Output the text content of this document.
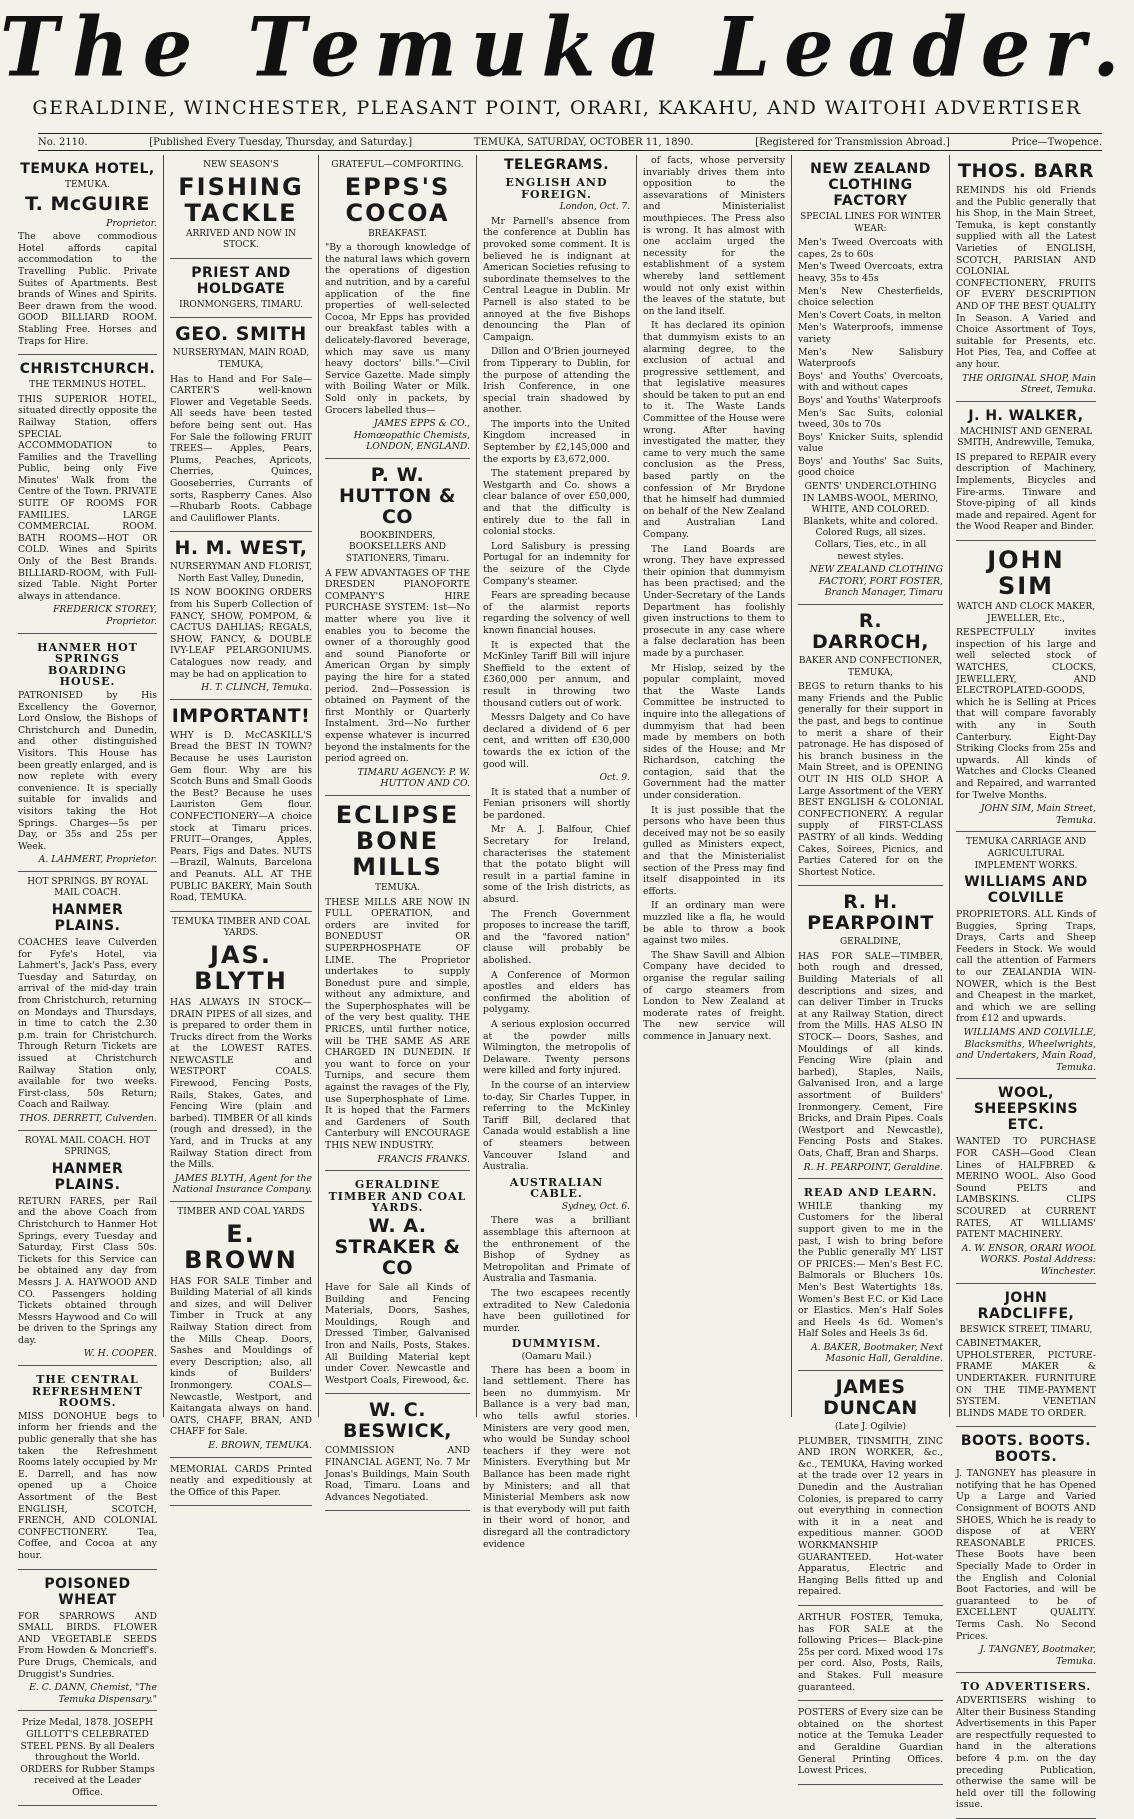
The Temuka Leader.
GERALDINE, WINCHESTER, PLEASANT POINT, ORARI, KAKAHU, AND WAITOHI ADVERTISER
No. 2110.	[Published Every Tuesday, Thursday, and Saturday.]	TEMUKA, SATURDAY, OCTOBER 11, 1890.	[Registered for Transmission Abroad.]	Price—Twopence.
TEMUKA HOTEL,
TEMUKA.
T. McGUIRE
Proprietor.
The above commodious Hotel affords capital accommodation to the Travelling Public. Private Suites of Apartments. Best brands of Wines and Spirits. Beer drawn from the wood. GOOD BILLIARD ROOM. Stabling Free. Horses and Traps for Hire.
CHRISTCHURCH.
THE TERMINUS HOTEL.
THIS SUPERIOR HOTEL, situated directly opposite the Railway Station, offers SPECIAL ACCOMMODATION to Families and the Travelling Public, being only Five Minutes' Walk from the Centre of the Town. PRIVATE SUITE OF ROOMS FOR FAMILIES. LARGE COMMERCIAL ROOM. BATH ROOMS—HOT OR COLD. Wines and Spirits Only of the Best Brands. BILLIARD-ROOM, with Full-sized Table. Night Porter always in attendance.
FREDERICK STOREY, Proprietor.
HANMER HOT SPRINGS BOARDING HOUSE.
PATRONISED by His Excellency the Governor, Lord Onslow, the Bishops of Christchurch and Dunedin, and other distinguished Visitors. This House has been greatly enlarged, and is now replete with every convenience. It is specially suitable for invalids and visitors taking the Hot Springs. Charges—5s per Day, or 35s and 25s per Week.
A. LAHMERT, Proprietor.
HOT SPRINGS. BY ROYAL MAIL COACH.
HANMER PLAINS.
COACHES leave Culverden for Fyfe's Hotel, via Lahmert's, Jack's Pass, every Tuesday and Saturday, on arrival of the mid-day train from Christchurch, returning on Mondays and Thursdays, in time to catch the 2.30 p.m. train for Christchurch. Through Return Tickets are issued at Christchurch Railway Station only, available for two weeks. First-class, 50s Return; Coach and Railway.
THOS. DERRETT, Culverden.
ROYAL MAIL COACH. HOT SPRINGS,
HANMER PLAINS.
RETURN FARES, per Rail and the above Coach from Christchurch to Hanmer Hot Springs, every Tuesday and Saturday, First Class 50s. Tickets for this Service can be obtained any day from Messrs J. A. HAYWOOD AND CO. Passengers holding Tickets obtained through Messrs Haywood and Co will be driven to the Springs any day.
W. H. COOPER.
THE CENTRAL REFRESHMENT ROOMS.
MISS DONOHUE begs to inform her friends and the public generally that she has taken the Refreshment Rooms lately occupied by Mr E. Darrell, and has now opened up a Choice Assortment of the Best ENGLISH, SCOTCH, FRENCH, AND COLONIAL CONFECTIONERY. Tea, Coffee, and Cocoa at any hour.
POISONED WHEAT
FOR SPARROWS AND SMALL BIRDS. FLOWER AND VEGETABLE SEEDS From Howden & Moncrieff's. Pure Drugs, Chemicals, and Druggist's Sundries.
E. C. DANN, Chemist, "The Temuka Dispensary."
Prize Medal, 1878. JOSEPH GILLOTT'S CELEBRATED STEEL PENS. By all Dealers throughout the World. ORDERS for Rubber Stamps received at the Leader Office.
NEW SEASON'S
FISHING TACKLE
ARRIVED AND NOW IN STOCK.
PRIEST AND HOLDGATE
IRONMONGERS, TIMARU.
GEO. SMITH
NURSERYMAN, MAIN ROAD, TEMUKA,
Has to Hand and For Sale—CARTER'S well-known Flower and Vegetable Seeds. All seeds have been tested before being sent out. Has For Sale the following FRUIT TREES— Apples, Pears, Plums, Peaches, Apricots, Cherries, Quinces, Gooseberries, Currants of sorts, Raspberry Canes. Also—Rhubarb Roots. Cabbage and Cauliflower Plants.
H. M. WEST,
NURSERYMAN AND FLORIST, North East Valley, Dunedin,
IS NOW BOOKING ORDERS from his Superb Collection of FANCY, SHOW, POMPOM, & CACTUS DAHLIAS; REGALS, SHOW, FANCY, & DOUBLE IVY-LEAF PELARGONIUMS. Catalogues now ready, and may be had on application to
H. T. CLINCH, Temuka.
IMPORTANT!
WHY is D. McCASKILL'S Bread the BEST IN TOWN? Because he uses Lauriston Gem flour. Why are his Scotch Buns and Small Goods the Best? Because he uses Lauriston Gem flour. CONFECTIONERY—A choice stock at Timaru prices. FRUIT—Oranges, Apples, Pears, Figs and Dates. NUTS—Brazil, Walnuts, Barcelona and Peanuts. ALL AT THE PUBLIC BAKERY, Main South Road, TEMUKA.
TEMUKA TIMBER AND COAL YARDS.
JAS. BLYTH
HAS ALWAYS IN STOCK— DRAIN PIPES of all sizes, and is prepared to order them in Trucks direct from the Works at the LOWEST RATES. NEWCASTLE and WESTPORT COALS. Firewood, Fencing Posts, Rails, Stakes, Gates, and Fencing Wire (plain and barbed). TIMBER Of all kinds (rough and dressed), in the Yard, and in Trucks at any Railway Station direct from the Mills.
JAMES BLYTH, Agent for the National Insurance Company.
TIMBER AND COAL YARDS
E. BROWN
HAS FOR SALE Timber and Building Material of all kinds and sizes, and will Deliver Timber in Truck at any Railway Station direct from the Mills Cheap. Doors, Sashes and Mouldings of every Description; also, all kinds of Builders' Ironmongery. COALS—Newcastle, Westport, and Kaitangata always on hand. OATS, CHAFF, BRAN, AND CHAFF for Sale.
E. BROWN, TEMUKA.
MEMORIAL CARDS Printed neatly and expeditiously at the Office of this Paper.
GRATEFUL—COMFORTING.
EPPS'S COCOA
BREAKFAST.
"By a thorough knowledge of the natural laws which govern the operations of digestion and nutrition, and by a careful application of the fine properties of well-selected Cocoa, Mr Epps has provided our breakfast tables with a delicately-flavored beverage, which may save us many heavy doctors' bills."—Civil Service Gazette. Made simply with Boiling Water or Milk. Sold only in packets, by Grocers labelled thus—
JAMES EPPS & CO., Homœopathic Chemists, LONDON, ENGLAND.
P. W. HUTTON & CO
BOOKBINDERS, BOOKSELLERS AND STATIONERS, Timaru.
A FEW ADVANTAGES OF THE DRESDEN PIANOFORTE COMPANY'S HIRE PURCHASE SYSTEM: 1st—No matter where you live it enables you to become the owner of a thoroughly good and sound Pianoforte or American Organ by simply paying the hire for a stated period. 2nd—Possession is obtained on Payment of the first Monthly or Quarterly Instalment. 3rd—No further expense whatever is incurred beyond the instalments for the period agreed on.
TIMARU AGENCY: P. W. HUTTON AND CO.
ECLIPSE BONE MILLS
TEMUKA.
THESE MILLS ARE NOW IN FULL OPERATION, and orders are invited for BONEDUST OR SUPERPHOSPHATE OF LIME. The Proprietor undertakes to supply Bonedust pure and simple, without any admixture, and the Superphosphates will be of the very best quality. THE PRICES, until further notice, will be THE SAME AS ARE CHARGED IN DUNEDIN. If you want to force on your Turnips, and secure them against the ravages of the Fly, use Superphosphate of Lime. It is hoped that the Farmers and Gardeners of South Canterbury will ENCOURAGE THIS NEW INDUSTRY.
FRANCIS FRANKS.
GERALDINE TIMBER AND COAL YARDS.
W. A. STRAKER & CO
Have for Sale all Kinds of Building and Fencing Materials, Doors, Sashes, Mouldings, Rough and Dressed Timber, Galvanised Iron and Nails, Posts, Stakes. All Building Material kept under Cover. Newcastle and Westport Coals, Firewood, &c.
W. C. BESWICK,
COMMISSION AND FINANCIAL AGENT, No. 7 Mr Jonas's Buildings, Main South Road, Timaru. Loans and Advances Negotiated.
TELEGRAMS.
ENGLISH AND FOREIGN.
London, Oct. 7.

Mr Parnell's absence from the conference at Dublin has provoked some comment. It is believed he is indignant at American Societies refusing to subordinate themselves to the Central League in Dublin. Mr Parnell is also stated to be annoyed at the five Bishops denouncing the Plan of Campaign.

Dillon and O'Brien journeyed from Tipperary to Dublin, for the purpose of attending the Irish Conference, in one special train shadowed by another.

The imports into the United Kingdom increased in September by £2,145,000 and the exports by £3,672,000.

The statement prepared by Westgarth and Co. shows a clear balance of over £50,000, and that the difficulty is entirely due to the fall in colonial stocks.

Lord Salisbury is pressing Portugal for an indemnity for the seizure of the Clyde Company's steamer.

Fears are spreading because of the alarmist reports regarding the solvency of well known financial houses.

It is expected that the McKinley Tariff Bill will injure Sheffield to the extent of £360,000 per annum, and result in throwing two thousand cutlers out of work.

Messrs Dalgety and Co have declared a dividend of 6 per cent, and written off £30,000 towards the ex iction of the good will.

Oct. 9.

It is stated that a number of Fenian prisoners will shortly be pardoned.

Mr A. J. Balfour, Chief Secretary for Ireland, characterises the statement that the potato blight will result in a partial famine in some of the Irish districts, as absurd.

The French Government proposes to increase the tariff, and the "favored nation" clause will probably be abolished.

A Conference of Mormon apostles and elders has confirmed the abolition of polygamy.

A serious explosion occurred at the powder mills Wilmington, the metropolis of Delaware. Twenty persons were killed and forty injured.

In the course of an interview to-day, Sir Charles Tupper, in referring to the McKinley Tariff Bill, declared that Canada would establish a line of steamers between Vancouver Island and Australia.

AUSTRALIAN CABLE.
Sydney, Oct. 6.

There was a brilliant assemblage this afternoon at the enthronement of the Bishop of Sydney as Metropolitan and Primate of Australia and Tasmania.

The two escapees recently extradited to New Caledonia have been guillotined for murder.

DUMMYISM.
(Oamaru Mail.)

There has been a boom in land settlement. There has been no dummyism. Mr Ballance is a very bad man, who tells awful stories. Ministers are very good men, who would be Sunday school teachers if they were not Ministers. Everything but Mr Ballance has been made right by Ministers; and all that Ministerial Members ask now is that everybody will put faith in their word of honor, and disregard all the contradictory evidence

of facts, whose perversity invariably drives them into opposition to the assevarations of Ministers and Ministerialist mouthpieces. The Press also is wrong. It has almost with one acclaim urged the necessity for the establishment of a system whereby land settlement would not only exist within the leaves of the statute, but on the land itself.

It has declared its opinion that dummyism exists to an alarming degree, to the exclusion of actual and progressive settlement, and that legislative measures should be taken to put an end to it. The Waste Lands Committee of the House were wrong. After having investigated the matter, they came to very much the same conclusion as the Press, based partly on the confession of Mr Brydone that he himself had dummied on behalf of the New Zealand and Australian Land Company.

The Land Boards are wrong. They have expressed their opinion that dummyism has been practised; and the Under-Secretary of the Lands Department has foolishly given instructions to them to prosecute in any case where a false declaration has been made by a purchaser.

Mr Hislop, seized by the popular complaint, moved that the Waste Lands Committee be instructed to inquire into the allegations of dummyism that had been made by members on both sides of the House; and Mr Richardson, catching the contagion, said that the Government had the matter under consideration.

It is just possible that the persons who have been thus deceived may not be so easily gulled as Ministers expect, and that the Ministerialist section of the Press may find itself disappointed in its efforts.

If an ordinary man were muzzled like a fla, he would be able to throw a book against two miles.

The Shaw Savill and Albion Company have decided to organise the regular sailing of cargo steamers from London to New Zealand at moderate rates of freight. The new service will commence in January next.

NEW ZEALAND CLOTHING FACTORY
SPECIAL LINES FOR WINTER WEAR:
Men's Tweed Overcoats with capes, 2s to 60s
Men's Tweed Overcoats, extra heavy, 35s to 45s
Men's New Chesterfields, choice selection
Men's Covert Coats, in melton
Men's Waterproofs, immense variety
Men's New Salisbury Waterproofs
Boys' and Youths' Overcoats, with and without capes
Boys' and Youths' Waterproofs
Men's Sac Suits, colonial tweed, 30s to 70s
Boys' Knicker Suits, splendid value
Boys' and Youths' Sac Suits, good choice
GENTS' UNDERCLOTHING IN LAMBS-WOOL, MERINO, WHITE, AND COLORED. Blankets, white and colored. Colored Rugs, all sizes. Collars, Ties, etc., in all newest styles.
NEW ZEALAND CLOTHING FACTORY, FORT FOSTER, Branch Manager, Timaru
R. DARROCH,
BAKER AND CONFECTIONER, TEMUKA,
BEGS to return thanks to his many Friends and the Public generally for their support in the past, and begs to continue to merit a share of their patronage. He has disposed of his branch business in the Main Street, and is OPENING OUT IN HIS OLD SHOP. A Large Assortment of the VERY BEST ENGLISH & COLONIAL CONFECTIONERY. A regular supply of FIRST-CLASS PASTRY of all kinds. Wedding Cakes, Soirees, Picnics, and Parties Catered for on the Shortest Notice.
R. H. PEARPOINT
GERALDINE,
HAS FOR SALE—TIMBER, both rough and dressed, Building Materials of all descriptions and sizes, and can deliver Timber in Trucks at any Railway Station, direct from the Mills. HAS ALSO IN STOCK— Doors, Sashes, and Mouldings of all kinds. Fencing Wire (plain and barbed), Staples, Nails, Galvanised Iron, and a large assortment of Builders' Ironmongery. Cement, Fire Bricks, and Drain Pipes. Coals (Westport and Newcastle), Fencing Posts and Stakes. Oats, Chaff, Bran and Sharps.
R. H. PEARPOINT, Geraldine.
READ AND LEARN.
WHILE thanking my Customers for the liberal support given to me in the past, I wish to bring before the Public generally MY LIST OF PRICES:— Men's Best F.C. Balmorals or Bluchers 10s. Men's Best Watertights 18s. Women's Best F.C. or Kid Lace or Elastics. Men's Half Soles and Heels 4s 6d. Women's Half Soles and Heels 3s 6d.
A. BAKER, Bootmaker, Next Masonic Hall, Geraldine.
JAMES DUNCAN
(Late J. Ogilvie)
PLUMBER, TINSMITH, ZINC AND IRON WORKER, &c., &c., TEMUKA, Having worked at the trade over 12 years in Dunedin and the Australian Colonies, is prepared to carry out everything in connection with it in a neat and expeditious manner. GOOD WORKMANSHIP GUARANTEED. Hot-water Apparatus, Electric and Hanging Bells fitted up and repaired.
ARTHUR FOSTER, Temuka, has FOR SALE at the following Prices— Black-pine 25s per cord. Mixed wood 17s per cord. Also, Posts, Rails, and Stakes. Full measure guaranteed.
POSTERS of Every size can be obtained on the shortest notice at the Temuka Leader and Geraldine Guardian General Printing Offices. Lowest Prices.
THOS. BARR
REMINDS his old Friends and the Public generally that his Shop, in the Main Street, Temuka, is kept constantly supplied with all the Latest Varieties of ENGLISH, SCOTCH, PARISIAN AND COLONIAL CONFECTIONERY, FRUITS OF EVERY DESCRIPTION AND OF THE BEST QUALITY In Season. A Varied and Choice Assortment of Toys, suitable for Presents, etc. Hot Pies, Tea, and Coffee at any hour.
THE ORIGINAL SHOP, Main Street, Temuka.
J. H. WALKER,
MACHINIST AND GENERAL SMITH, Andrewville, Temuka,
IS prepared to REPAIR every description of Machinery, Implements, Bicycles and Fire-arms. Tinware and Stove-piping of all kinds made and repaired. Agent for the Wood Reaper and Binder.
JOHN SIM
WATCH AND CLOCK MAKER, JEWELLER, Etc.,
RESPECTFULLY invites inspection of his large and well selected stock of WATCHES, CLOCKS, JEWELLERY, AND ELECTROPLATED-GOODS, which he is Selling at Prices that will compare favorably with any in South Canterbury. Eight-Day Striking Clocks from 25s and upwards. All kinds of Watches and Clocks Cleaned and Repaired, and warranted for Twelve Months.
JOHN SIM, Main Street, Temuka.
TEMUKA CARRIAGE AND AGRICULTURAL IMPLEMENT WORKS.
WILLIAMS AND COLVILLE
PROPRIETORS. ALL Kinds of Buggies, Spring Traps, Drays, Carts and Sheep Feeders in Stock. We would call the attention of Farmers to our ZEALANDIA WIN-NOWER, which is the Best and Cheapest in the market, and which we are selling from £12 and upwards.
WILLIAMS AND COLVILLE, Blacksmiths, Wheelwrights, and Undertakers, Main Road, Temuka.
WOOL, SHEEPSKINS ETC.
WANTED TO PURCHASE FOR CASH—Good Clean Lines of HALFBRED & MERINO WOOL. Also Good Sound PELTS and LAMBSKINS. CLIPS SCOURED at CURRENT RATES, AT WILLIAMS' PATENT MACHINERY.
A. W. ENSOR, ORARI WOOL WORKS. Postal Address: Winchester.
JOHN RADCLIFFE,
BESWICK STREET, TIMARU,
CABINETMAKER, UPHOLSTERER, PICTURE-FRAME MAKER & UNDERTAKER. FURNITURE ON THE TIME-PAYMENT SYSTEM. VENETIAN BLINDS MADE TO ORDER.
BOOTS. BOOTS. BOOTS.
J. TANGNEY has pleasure in notifying that he has Opened Up a Large and Varied Consignment of BOOTS AND SHOES, Which he is ready to dispose of at VERY REASONABLE PRICES. These Boots have been Specially Made to Order in the English and Colonial Boot Factories, and will be guaranteed to be of EXCELLENT QUALITY. Terms Cash. No Second Prices.
J. TANGNEY, Bootmaker, Temuka.
TO ADVERTISERS.
ADVERTISERS wishing to Alter their Business Standing Advertisements in this Paper are respectfully requested to hand in the alterations before 4 p.m. on the day preceding Publication, otherwise the same will be held over till the following issue.
